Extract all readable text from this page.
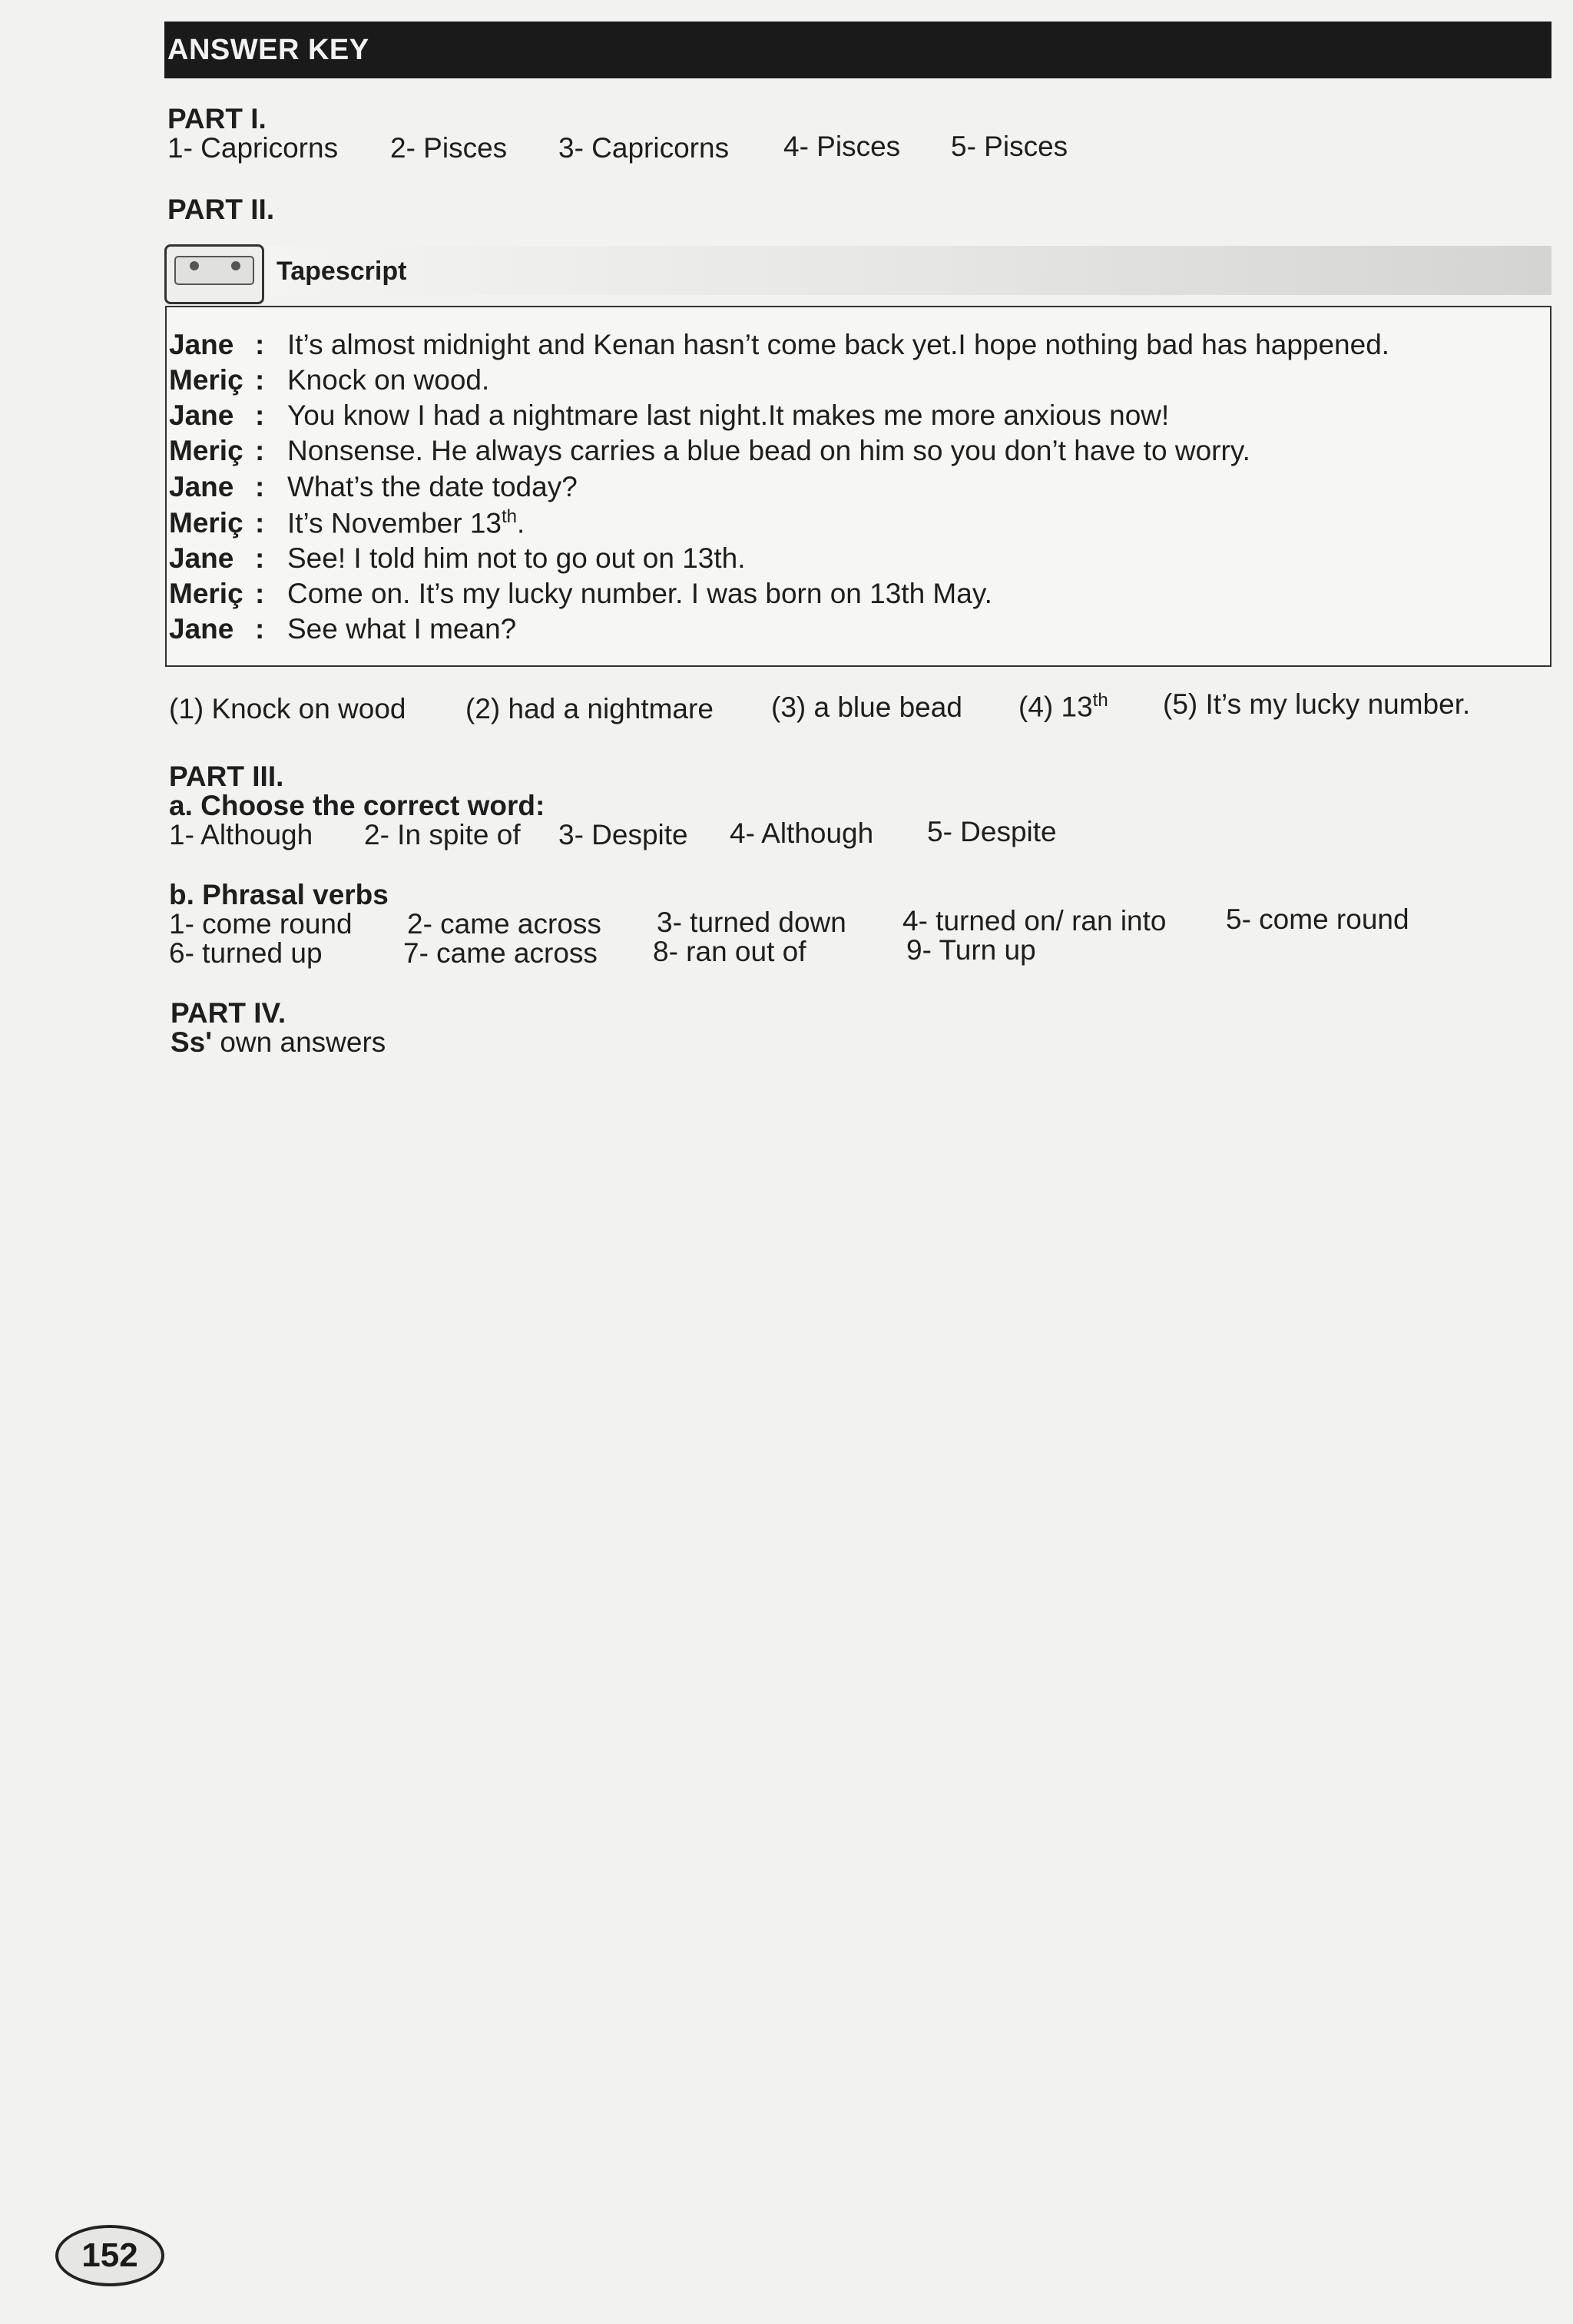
ANSWER KEY
PART I.
1- Capricorns 2- Pisces 3- Capricorns 4- Pisces 5- Pisces
PART II.
Tapescript
Jane : It’s almost midnight and Kenan hasn’t come back yet.I hope nothing bad has happened.
Meriç : Knock on wood.
Jane : You know I had a nightmare last night.It makes me more anxious now!
Meriç : Nonsense. He always carries a blue bead on him so you don’t have to worry.
Jane : What’s the date today?
Meriç : It’s November 13th.
Jane : See! I told him not to go out on 13th.
Meriç : Come on. It’s my lucky number. I was born on 13th May.
Jane : See what I mean?
(1) Knock on wood (2) had a nightmare (3) a blue bead (4) 13th (5) It’s my lucky number.
PART III.
a. Choose the correct word:
1- Although 2- In spite of 3- Despite 4- Although 5- Despite
b. Phrasal verbs
1- come round 2- came across 3- turned down 4- turned on/ ran into 5- come round
6- turned up	7- came across 8- ran out of	9- Turn up
PART IV.
Ss' own answers
152
